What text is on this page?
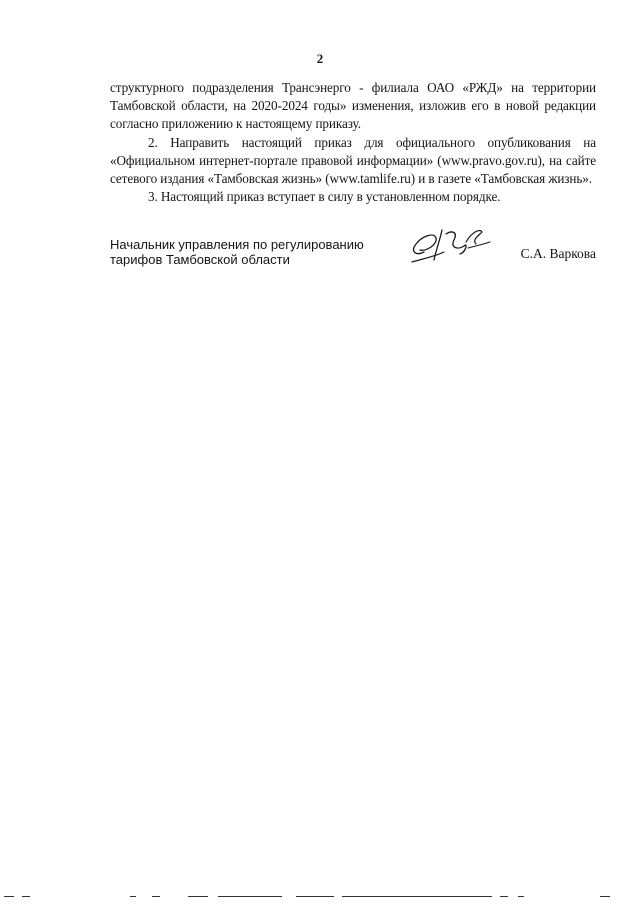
2

структурного подразделения Трансэнерго - филиала ОАО «РЖД» на территории Тамбовской области, на 2020-2024 годы» изменения, изложив его в новой редакции согласно приложению к настоящему приказу.

2. Направить настоящий приказ для официального опубликования на «Официальном интернет-портале правовой информации» (www.pravo.gov.ru), на сайте сетевого издания «Тамбовская жизнь» (www.tamlife.ru) и в газете «Тамбовская жизнь».

3. Настоящий приказ вступает в силу в установленном порядке.

Начальник управления по регулированию
тарифов Тамбовской области	С.А. Варкова
